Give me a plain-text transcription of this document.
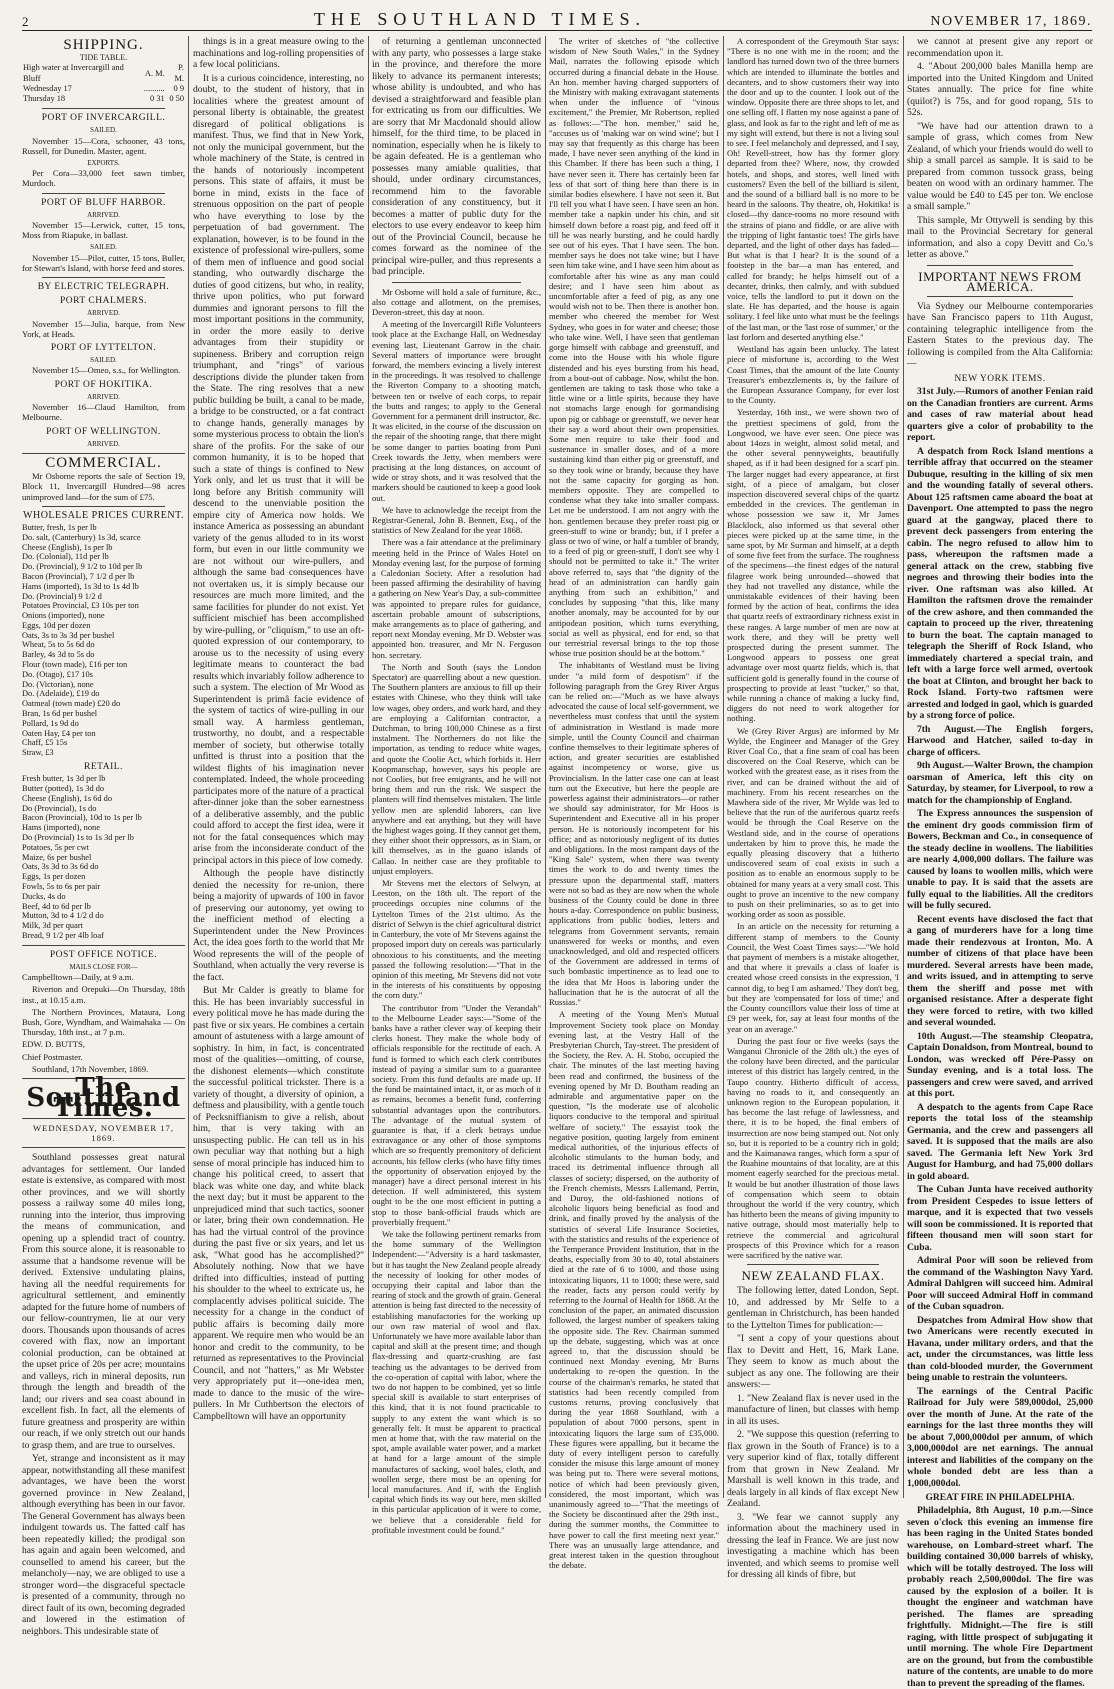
2	THE SOUTHLAND TIMES.	NOVEMBER 17, 1869.
SHIPPING.
TIDE TABLE.
High water at Invercargill and Bluff	A. M.	P. M.
Wednesday 17	..........	0 9
Thursday 18	0 31	0 50
PORT OF INVERCARGILL.
SAILED.

November 15—Cora, schooner, 43 tons, Russell, for Dunedin. Master, agent.

EXPORTS.

Per Cora—33,000 feet sawn timber, Murdoch.

PORT OF BLUFF HARBOR.
ARRIVED.

November 15—Lerwick, cutter, 15 tons, Moss from Riapuke, in ballast.

SAILED.

November 15—Pilot, cutter, 15 tons, Buller, for Stewart's Island, with horse feed and stores.

BY ELECTRIC TELEGRAPH.
PORT CHALMERS.
ARRIVED.

November 15—Julia, barque, from New York, at Heads.

PORT OF LYTTELTON.
SAILED.

November 15—Omeo, s.s., for Wellington.

PORT OF HOKITIKA.
ARRIVED.

November 16—Claud Hamilton, from Melbourne.

PORT OF WELLINGTON.
ARRIVED.
COMMERCIAL.

Mr Osborne reports the sale of Section 19, Block 11, Invercargill Hundred—98 acres unimproved land—for the sum of £75.

WHOLESALE PRICES CURRENT.
Butter, fresh, 1s per lb
Do. salt, (Canterbury) 1s 3d, scarce
Cheese (English), 1s per lb
Do. (Colonial), 11d per lb
Do. (Provincial), 9 1/2 to 10d per lb
Bacon (Provincial), 7 1/2 d per lb
Hams (imported), 1s 3d to 1s 4d lb
Do. (Provincial) 9 1/2 d
Potatoes Provincial, £3 10s per ton
Onions (imported), none
Eggs, 10d per dozen
Oats, 3s to 3s 3d per bushel
Wheat, 5s to 5s 6d do
Barley, 4s 3d to 5s do
Flour (town made), £16 per ton
Do. (Otago), £17 10s
Do. (Victorian), none
Do. (Adelaide), £19 do
Oatmeal (town made) £20 do
Bran, 1s 6d per bushel
Pollard, 1s 9d do
Oaten Hay, £4 per ton
Chaff, £5 15s
Straw, £3
RETAIL.
Fresh butter, 1s 3d per lb
Butter (potted), 1s 3d do
Cheese (English), 1s 6d do
Do (Provincial), 1s do
Bacon (Provincial), 10d to 1s per lb
Hams (imported), none
Do (Provincial) 1s to 1s 3d per lb
Potatoes, 5s per cwt
Maize, 6s per bushel
Oats, 3s 3d to 3s 6d do
Eggs, 1s per dozen
Fowls, 5s to 6s per pair
Ducks, 4s do
Beef, 4d to 6d per lb
Mutton, 3d to 4 1/2 d do
Milk, 3d per quart
Bread, 9 1/2 per 4lb loaf
POST OFFICE NOTICE.
MAILS CLOSE FOR—

Campbelltown—Daily, at 9 a.m.

Riverton and Orepuki—On Thursday, 18th inst., at 10.15 a.m.

The Northern Provinces, Mataura, Long Bush, Gore, Wyndham, and Waimahaka — On Thursday, 18th inst., at 7 p.m.

EDW. D. BUTTS,

Chief Postmaster.

Southland, 17th November, 1869.

The Southland Times.
WEDNESDAY, NOVEMBER 17, 1869.

Southland possesses great natural advantages for settlement. Our landed estate is extensive, as compared with most other provinces, and we will shortly possess a railway some 40 miles long, running into the interior, thus improving the means of communication, and opening up a splendid tract of country. From this source alone, it is reasonable to assume that a handsome revenue will be derived. Extensive undulating plains, having all the needful requirements for agricultural settlement, and eminently adapted for the future home of numbers of our fellow-countrymen, lie at our very doors. Thousands upon thousands of acres covered with flax, now an important colonial production, can be obtained at the upset price of 20s per acre; mountains and valleys, rich in mineral deposits, run through the length and breadth of the land; our rivers and sea coast abound in excellent fish. In fact, all the elements of future greatness and prosperity are within our reach, if we only stretch out our hands to grasp them, and are true to ourselves.

Yet, strange and inconsistent as it may appear, notwithstanding all these manifest advantages, we have been the worst governed province in New Zealand, although everything has been in our favor. The General Government has always been indulgent towards us. The fatted calf has been repeatedly killed; the prodigal son has again and again been welcomed, and counselled to amend his career, but the melancholy—nay, we are obliged to use a stronger word—the disgraceful spectacle is presented of a community, through no direct fault of its own, becoming degraded and lowered in the estimation of neighbors. This undesirable state of

things is in a great measure owing to the machinations and log-rolling propensities of a few local politicians.

It is a curious coincidence, interesting, no doubt, to the student of history, that in localities where the greatest amount of personal liberty is obtainable, the greatest disregard of political obligations is manifest. Thus, we find that in New York, not only the municipal government, but the whole machinery of the State, is centred in the hands of notoriously incompetent persons. This state of affairs, it must be borne in mind, exists in the face of strenuous opposition on the part of people who have everything to lose by the perpetuation of bad government. The explanation, however, is to be found in the existence of professional wire-pullers, some of them men of influence and good social standing, who outwardly discharge the duties of good citizens, but who, in reality, thrive upon politics, who put forward dummies and ignorant persons to fill the most important positions in the community, in order the more easily to derive advantages from their stupidity or supineness. Bribery and corruption reign triumphant, and "rings" of various descriptions divide the plunder taken from the State. The ring resolves that a new public building be built, a canal to be made, a bridge to be constructed, or a fat contract to change hands, generally manages by some mysterious process to obtain the lion's share of the profits. For the sake of our common humanity, it is to be hoped that such a state of things is confined to New York only, and let us trust that it will be long before any British community will descend to the unenviable position the empire city of America now holds. We instance America as possessing an abundant variety of the genus alluded to in its worst form, but even in our little community we are not without our wire-pullers, and although the same bad consequences have not overtaken us, it is simply because our resources are much more limited, and the same facilities for plunder do not exist. Yet sufficient mischief has been accomplished by wire-pulling, or "cliquism," to use an oft-quoted expression of our contemporary, to arouse us to the necessity of using every legitimate means to counteract the bad results which invariably follow adherence to such a system. The election of Mr Wood as Superintendent is primâ facie evidence of the system of tactics of wire-pulling in our small way. A harmless gentleman, trustworthy, no doubt, and a respectable member of society, but otherwise totally unfitted is thrust into a position that the wildest flights of his imagination never contemplated. Indeed, the whole proceeding participates more of the nature of a practical after-dinner joke than the sober earnestness of a deliberative assembly, and the public could afford to accept the first idea, were it not for the fatal consequences which may arise from the inconsiderate conduct of the principal actors in this piece of low comedy.

Although the people have distinctly denied the necessity for re-union, there being a majority of upwards of 100 in favor of preserving our autonomy, yet owing to the inefficient method of electing a Superintendent under the New Provinces Act, the idea goes forth to the world that Mr Wood represents the will of the people of Southland, when actually the very reverse is the fact.

But Mr Calder is greatly to blame for this. He has been invariably successful in every political move he has made during the past five or six years. He combines a certain amount of astuteness with a large amount of sophistry. In him, in fact, is concentrated most of the qualities—omitting, of course, the dishonest elements—which constitute the successful political trickster. There is a variety of thought, a diversity of opinion, a deftness and plausibility, with a gentle touch of Pecksniffianism to give a relish, about him, that is very taking with an unsuspecting public. He can tell us in his own peculiar way that nothing but a high sense of moral principle has induced him to change his political creed, to assert that black was white one day, and white black the next day; but it must be apparent to the unprejudiced mind that such tactics, sooner or later, bring their own condemnation. He has had the virtual control of the province during the past five or six years, and let us ask, "What good has he accomplished?" Absolutely nothing. Now that we have drifted into difficulties, instead of putting his shoulder to the wheel to extricate us, he complacently advises political suicide. The necessity for a change in the conduct of public affairs is becoming daily more apparent. We require men who would be an honor and credit to the community, to be returned as representatives to the Provincial Council, and not "hatters," as Mr Webster very appropriately put it—one-idea men, made to dance to the music of the wire-pullers. In Mr Cuthbertson the electors of Campbelltown will have an opportunity

of returning a gentleman unconnected with any party, who possesses a large stake in the province, and therefore the more likely to advance its permanent interests; whose ability is undoubted, and who has devised a straightforward and feasible plan for extricating us from our difficulties. We are sorry that Mr Macdonald should allow himself, for the third time, to be placed in nomination, especially when he is likely to be again defeated. He is a gentleman who possesses many amiable qualities, that should, under ordinary circumstances, recommend him to the favorable consideration of any constituency, but it becomes a matter of public duty for the electors to use every endeavor to keep him out of the Provincial Council, because he comes forward as the nominee of the principal wire-puller, and thus represents a bad principle.

Mr Osborne will hold a sale of furniture, &c., also cottage and allotment, on the premises, Deveron-street, this day at noon.

A meeting of the Invercargill Rifle Volunteers took place at the Exchange Hall, on Wednesday evening last, Lieutenant Garrow in the chair. Several matters of importance were brought forward, the members evincing a lively interest in the proceedings. It was resolved to challenge the Riverton Company to a shooting match, between ten or twelve of each corps, to repair the butts and ranges; to apply to the General Government for a permanent drill instructor, &c. It was elicited, in the course of the discussion on the repair of the shooting range, that there might be some danger to parties boating from Puni Creek towards the Jetty, when members were practising at the long distances, on account of wide or stray shots, and it was resolved that the markers should be cautioned to keep a good look out.

We have to acknowledge the receipt from the Registrar-General, John B. Bennett, Esq., of the statistics of New Zealand for the year 1868.

There was a fair attendance at the preliminary meeting held in the Prince of Wales Hotel on Monday evening last, for the purpose of forming a Caledonian Society. After a resolution had been passed affirming the desirability of having a gathering on New Year's Day, a sub-committee was appointed to prepare rules for guidance, ascertain probable amount of subscriptions, make arrangements as to place of gathering, and report next Monday evening. Mr D. Webster was appointed hon. treasurer, and Mr N. Ferguson hon. secretary.

The North and South (says the London Spectator) are quarrelling about a new question. The Southern planters are anxious to fill up their estates with Chinese, who they think will take low wages, obey orders, and work hard, and they are employing a Californian contractor, a Dutchman, to bring 100,000 Chinese as a first instalment. The Northerners do not like the importation, as tending to reduce white wages, and quote the Coolie Act, which forbids it. Herr Koopmanschap, however, says his people are not Coolies, but free emigrants, and he will not bring them and run the risk. We suspect the planters will find themselves mistaken. The little yellow men are splendid laborers, can live anywhere and eat anything, but they will have the highest wages going. If they cannot get them, they either shoot their oppressors, as in Siam, or kill themselves, as in the guano islands of Callao. In neither case are they profitable to unjust employers.

Mr Stevens met the electors of Selwyn, at Leeston, on the 18th ult. The report of the proceedings occupies nine columns of the Lyttelton Times of the 21st ultimo. As the district of Selwyn is the chief agricultural district in Canterbury, the vote of Mr Stevens against the proposed import duty on cereals was particularly obnoxious to his constituents, and the meeting passed the following resolution:—"That in the opinion of this meeting, Mr Stevens did not vote in the interests of his constituents by opposing the corn duty."

The contributor from "Under the Verandah" to the Melbourne Leader says:—"Some of the banks have a rather clever way of keeping their clerks honest. They make the whole body of officials responsible for the rectitude of each. A fund is formed to which each clerk contributes instead of paying a similar sum to a guarantee society. From this fund defaults are made up. If the fund be maintained intact, it, or as much of it as remains, becomes a benefit fund, conferring substantial advantages upon the contributors. The advantage of the mutual system of guarantee is that, if a clerk betrays undue extravagance or any other of those symptoms which are so frequently premonitory of deficient accounts, his fellow clerks (who have fifty times the opportunity of observation enjoyed by the manager) have a direct personal interest in his detection. If well administered, this system ought to be the one most efficient in putting a stop to those bank-official frauds which are proverbially frequent."

We take the following pertinent remarks from the home summary of the Wellington Independent:—"Adversity is a hard taskmaster, but it has taught the New Zealand people already the necessity of looking for other modes of occupying their capital and labor than the rearing of stock and the growth of grain. General attention is being fast directed to the necessity of establishing manufactories for the working up our own raw material of wool and flax. Unfortunately we have more available labor than capital and skill at the present time; and though flax-dressing and quartz-crushing are fast teaching us the advantages to be derived from the co-operation of capital with labor, where the two do not happen to be combined, yet so little special skill is available to start enterprises of this kind, that it is not found practicable to supply to any extent the want which is so generally felt. It must be apparent to practical men at home that, with the raw material on the spot, ample available water power, and a market at hand for a large amount of the simple manufactures of sacking, wool bales, cloth, and woollen serge, there must be an opening for local manufactures. And if, with the English capital which finds its way out here, men skilled in this particular application of it were to come, we believe that a considerable field for profitable investment could be found."

The writer of sketches of "the collective wisdom of New South Wales," in the Sydney Mail, narrates the following episode which occurred during a financial debate in the House. An hon. member having charged supporters of the Ministry with making extravagant statements when under the influence of "vinous excitement," the Premier, Mr Robertson, replied as follows:—"The hon. member," said he, "accuses us of 'making war on wind wine'; but I may say that frequently as this charge has been made, I have never seen anything of the kind in this Chamber. If there has been such a thing, I have never seen it. There has certainly been far less of that sort of thing here than there is in similar bodies elsewhere. I have not seen it. But I'll tell you what I have seen. I have seen an hon. member take a napkin under his chin, and sit himself down before a roast pig, and feed off it till he was nearly bursting, and he could hardly see out of his eyes. That I have seen. The hon. member says he does not take wine; but I have seen him take wine, and I have seen him about as comfortable after his wine as any man could desire; and I have seen him about as uncomfortable after a feed of pig, as any one would wish not to be. Then there is another hon. member who cheered the member for West Sydney, who goes in for water and cheese; those who take wine. Well, I have seen that gentleman gorge himself with cabbage and greenstuff, and come into the House with his whole figure distended and his eyes bursting from his head, from a bout-out of cabbage. Now, whilst the hon. gentlemen are taking to task those who take a little wine or a little spirits, because they have not stomachs large enough for gormandising upon pig or cabbage or greenstuff, we never hear their say a word about their own propensities. Some men require to take their food and sustenance in smaller doses, and of a more sustaining kind than either pig or greenstuff, and so they took wine or brandy, because they have not the same capacity for gorging as hon. members opposite. They are compelled to condense what they take into smaller compass. Let me be understood. I am not angry with the hon. gentlemen because they prefer roast pig or green-stuff to wine or brandy; but, if I prefer a glass or two of wine, or half a tumbler of brandy, to a feed of pig or green-stuff, I don't see why I should not be permitted to take it." The writer above referred to, says that "the dignity of the head of an administration can hardly gain anything from such an exhibition," and concludes by supposing "that this, like many another anomaly, may be accounted for by our antipodean position, which turns everything, social as well as physical, end for end, so that our terrestrial reversal brings to the top those whose true position should be at the bottom."

The inhabitants of Westland must be living under "a mild form of despotism" if the following paragraph from the Grey River Argus can be relied on:—"Much as we have always advocated the cause of local self-government, we nevertheless must confess that until the system of administration in Westland is made more simple, until the County Council and chairman confine themselves to their legitimate spheres of action, and greater securities are established against incompetency or worse, give us Provincialism. In the latter case one can at least turn out the Executive, but here the people are powerless against their administrators—or rather we should say administrator, for Mr Hoos is Superintendent and Executive all in his proper person. He is notoriously incompetent for his office; and as notoriously negligent of its duties and obligations. In the most rampant days of the "King Sale" system, when there was twenty times the work to do and twenty times the pressure upon the departmental staff, matters were not so bad as they are now when the whole business of the County could be done in three hours a-day. Correspondence on public business, applications from public bodies, letters and telegrams from Government servants, remain unanswered for weeks or months, and even unacknowledged, and old and respected officers of the Government are addressed in terms of such bombastic impertinence as to lead one to the idea that Mr Hoos is laboring under the hallucination that he is the autocrat of all the Russias."

A meeting of the Young Men's Mutual Improvement Society took place on Monday evening last, at the Vestry Hall of the Presbyterian Church, Tay-street. The president of the Society, the Rev. A. H. Stobo, occupied the chair. The minutes of the last meeting having been read and confirmed, the business of the evening opened by Mr D. Boutham reading an admirable and argumentative paper on the question, "Is the moderate use of alcoholic liquors conducive to the temporal and spiritual welfare of society." The essayist took the negative position, quoting largely from eminent medical authorities, of the injurious effects of alcoholic stimulants to the human body, and traced its detrimental influence through all classes of society; dispersed, on the authority of the French chemists, Messrs Lallemand, Perrin, and Duroy, the old-fashioned notions of alcoholic liquors being beneficial as food and drink, and finally proved by the analysis of the statistics of several Life Insurance Societies, with the statistics and results of the experience of the Temperance Provident Institution, that in the deaths, especially from 30 to 40, total abstainers died at the rate of 6 to 1000, and those using intoxicating liquors, 11 to 1000; these were, said the reader, facts any person could verify by referring to the Journal of Health for 1868. At the conclusion of the paper, an animated discussion followed, the largest number of speakers taking the opposite side. The Rev. Chairman summed up the debate, suggesting, which was at once agreed to, that the discussion should be continued next Monday evening, Mr Burns undertaking to re-open the question. In the course of the chairman's remarks, he stated that statistics had been recently compiled from customs returns, proving conclusively that during the year 1868 Southland, with a population of about 7000 persons, spent in intoxicating liquors the large sum of £35,000. These figures were appalling, but it became the duty of every intelligent person to carefully consider the misuse this large amount of money was being put to. There were several motions, notice of which had been previously given, considered, the most important, which was unanimously agreed to—"That the meetings of the Society be discontinued after the 29th inst., during the summer months, the Committee to have power to call the first meeting next year." There was an unusually large attendance, and great interest taken in the question throughout the debate.

A correspondent of the Greymouth Star says: "There is no one with me in the room; and the landlord has turned down two of the three burners which are intended to illuminate the bottles and decanters, and to show customers their way into the door and up to the counter. I look out of the window. Opposite there are three shops to let, and one selling off. I flatten my nose against a pane of glass, and look as far to the right and left of me as my sight will extend, but there is not a living soul to see. I feel melancholy and depressed, and I say, Oh! Revell-street, how has thy former glory departed from thee? Where, now, thy crowded hotels, and shops, and stores, well lined with customers? Even the bell of the billiard is silent, and the sound of a billiard ball is no more to be heard in the saloons. Thy theatre, oh, Hokitika! is closed—thy dance-rooms no more resound with the strains of piano and fiddle, or are alive with the tripping of light fantastic toes! The girls have departed, and the light of other days has faded—But what is that I hear? It is the sound of a footstep in the bar—a man has entered, and called for brandy; he helps himself out of a decanter, drinks, then calmly, and with subdued voice, tells the landlord to put it down on the slate. He has departed, and the house is again solitary. I feel like unto what must be the feelings of the last man, or the 'last rose of summer,' or the last forlorn and deserted anything else."

Westland has again been unlucky. The latest piece of misfortune is, according to the West Coast Times, that the amount of the late County Treasurer's embezzlements is, by the failure of the European Assurance Company, for ever lost to the County.

Yesterday, 16th inst., we were shown two of the prettiest specimens of gold, from the Longwood, we have ever seen. One piece was about 14ozs in weight, almost solid metal, and the other several pennyweights, beautifully shaped, as if it had been designed for a scarf pin. The larger nugget had every appearance, at first sight, of a piece of amalgam, but closer inspection discovered several chips of the quartz embedded in the crevices. The gentleman in whose possession we saw it, Mr James Blacklock, also informed us that several other pieces were picked up at the same time, in the same spot, by Mr Surman and himself, at a depth of some five feet from the surface. The roughness of the specimens—the finest edges of the natural filagree work being unrounded—showed that they had not travelled any distance, while the unmistakable evidences of their having been formed by the action of heat, confirms the idea that quartz reefs of extraordinary richness exist in these ranges. A large number of men are now at work there, and they will be pretty well prospected during the present summer. The Longwood appears to possess one great advantage over most quartz fields, which is, that sufficient gold is generally found in the course of prospecting to provide at least "tucker," so that, while running a chance of making a lucky find, diggers do not need to work altogether for nothing.

We (Grey River Argus) are informed by Mr Wylde, the Engineer and Manager of the Grey River Coal Co., that a fine seam of coal has been discovered on the Coal Reserve, which can be worked with the greatest ease, as it rises from the river, and can be drained without the aid of machinery. From his recent researches on the Mawhera side of the river, Mr Wylde was led to believe that the run of the auriferous quartz reefs would be through the Coal Reserve on the Westland side, and in the course of operations undertaken by him to prove this, he made the equally pleasing discovery that a hitherto undiscovered seam of coal exists in such a position as to enable an enormous supply to be obtained for many years at a very small cost. This ought to prove an incentive to the new company to push on their preliminaries, so as to get into working order as soon as possible.

In an article on the necessity for returning a different stamp of members to the County Council, the West Coast Times says:—"We hold that payment of members is a mistake altogether, and that where it prevails a class of loafer is created whose creed consists in the expression, 'I cannot dig, to beg I am ashamed.' They don't beg, but they are 'compensated for loss of time;' and the County councillors value their loss of time at £9 per week, for, say at least four months of the year on an average."

During the past four or five weeks (says the Wanganui Chronicle of the 28th ult.) the eyes of the colony have been directed, and the particular interest of this district has largely centred, in the Taupo country. Hitherto difficult of access, having no roads to it, and consequently an unknown region to the European population, it has become the last refuge of lawlessness, and there, it is to be hoped, the final embers of insurrection are now being stamped out. Not only so, but it is reported to be a country rich in gold; and the Kaimanawa ranges, which form a spur of the Ruahine mountains of that locality, are at this moment eagerly searched for the precious metal. It would be but another illustration of those laws of compensation which seem to obtain throughout the world if the very country, which has hitherto been the means of giving impunity to native outrage, should most materially help to retrieve the commercial and agricultural prospects of this Province which for a reason were sacrificed by the native war.

NEW ZEALAND FLAX.

The following letter, dated London, Sept. 10, and addressed by Mr Selfe to a gentleman in Christchurch, has been handed to the Lyttelton Times for publication:—

"I sent a copy of your questions about flax to Devitt and Hett, 16, Mark Lane. They seem to know as much about the subject as any one. The following are their answers:—

1. "New Zealand flax is never used in the manufacture of linen, but classes with hemp in all its uses.

2. "We suppose this question (referring to flax grown in the South of France) is to a very superior kind of flax, totally different from that grown in New Zealand. Mr Marshall is well known in this trade, and deals largely in all kinds of flax except New Zealand.

3. "We fear we cannot supply any information about the machinery used in dressing the leaf in France. We are just now investigating a machine which has been invented, and which seems to promise well for dressing all kinds of fibre, but

we cannot at present give any report or recommendation upon it.

4. "About 200,000 bales Manilla hemp are imported into the United Kingdom and United States annually. The price for fine white (quilot?) is 75s, and for good ropang, 51s to 52s.

"We have had our attention drawn to a sample of grass, which comes from New Zealand, of which your friends would do well to ship a small parcel as sample. It is said to be prepared from common tussock grass, being beaten on wood with an ordinary hammer. The value would be £40 to £45 per ton. We enclose a small sample."

This sample, Mr Ottywell is sending by this mail to the Provincial Secretary for general information, and also a copy Devitt and Co.'s letter as above."

IMPORTANT NEWS FROM AMERICA.

Via Sydney our Melbourne contemporaries have San Francisco papers to 11th August, containing telegraphic intelligence from the Eastern States to the previous day. The following is compiled from the Alta California:—

NEW YORK ITEMS.

31st July.—Rumors of another Fenian raid on the Canadian frontiers are current. Arms and cases of raw material about head quarters give a color of probability to the report.

A despatch from Rock Island mentions a terrible affray that occurred on the steamer Dubuque, resulting in the killing of six men and the wounding fatally of several others. About 125 raftsmen came aboard the boat at Davenport. One attempted to pass the negro guard at the gangway, placed there to prevent deck passengers from entering the cabin. The negro refused to allow him to pass, whereupon the raftsmen made a general attack on the crew, stabbing five negroes and throwing their bodies into the river. One raftsman was also killed. At Hamilton the raftsmen drove the remainder of the crew ashore, and then commanded the captain to proceed up the river, threatening to burn the boat. The captain managed to telegraph the Sheriff of Rock Island, who immediately chartered a special train, and left with a large force well armed, overtook the boat at Clinton, and brought her back to Rock Island. Forty-two raftsmen were arrested and lodged in gaol, which is guarded by a strong force of police.

7th August.—The English forgers, Harwood and Hatcher, sailed to-day in charge of officers.

9th August.—Walter Brown, the champion oarsman of America, left this city on Saturday, by steamer, for Liverpool, to row a match for the championship of England.

The Express announces the suspension of the eminent dry goods commission firm of Bowers, Beckman and Co., in consequence of the steady decline in woollens. The liabilities are nearly 4,000,000 dollars. The failure was caused by loans to woollen mills, which were unable to pay. It is said that the assets are fully equal to the liabilities. All the creditors will be fully secured.

Recent events have disclosed the fact that a gang of murderers have for a long time made their rendezvous at Ironton, Mo. A number of citizens of that place have been murdered. Several arrests have been made, and writs issued, and in attempting to serve them the sheriff and posse met with organised resistance. After a desperate fight they were forced to retire, with two killed and several wounded.

10th August.—The steamship Cleopatra, Captain Donaldson, from Montreal, bound to London, was wrecked off Pére-Passy on Sunday evening, and is a total loss. The passengers and crew were saved, and arrived at this port.

A despatch to the agents from Cape Race reports the total loss of the steamship Germania, and the crew and passengers all saved. It is supposed that the mails are also saved. The Germania left New York 3rd August for Hamburg, and had 75,000 dollars in gold aboard.

The Cuban Junta have received authority from President Cespedes to issue letters of marque, and it is expected that two vessels will soon be commissioned. It is reported that fifteen thousand men will soon start for Cuba.

Admiral Poor will soon be relieved from the command of the Washington Navy Yard. Admiral Dahlgren will succeed him. Admiral Poor will succeed Admiral Hoff in command of the Cuban squadron.

Despatches from Admiral How show that two Americans were recently executed in Havana, under military orders, and that the act, under the circumstances, was little less than cold-blooded murder, the Government being unable to restrain the volunteers.

The earnings of the Central Pacific Railroad for July were 589,000dol, 25,000 over the month of June. At the rate of the earnings for the last three months they will be about 7,000,000dol per annum, of which 3,000,000dol are net earnings. The annual interest and liabilities of the company on the whole bonded debt are less than a 1,000,000dol.

GREAT FIRE IN PHILADELPHIA.

Philadelphia, 8th August, 10 p.m.—Since seven o'clock this evening an immense fire has been raging in the United States bonded warehouse, on Lombard-street wharf. The building contained 30,000 barrels of whisky, which will be totally destroyed. The loss will probably reach 2,500,000dol. The fire was caused by the explosion of a boiler. It is thought the engineer and watchman have perished. The flames are spreading frightfully. Midnight.—The fire is still raging, with little prospect of subjugating it until morning. The whole Fire Department are on the ground, but from the combustible nature of the contents, are unable to do more than to prevent the spreading of the flames.
